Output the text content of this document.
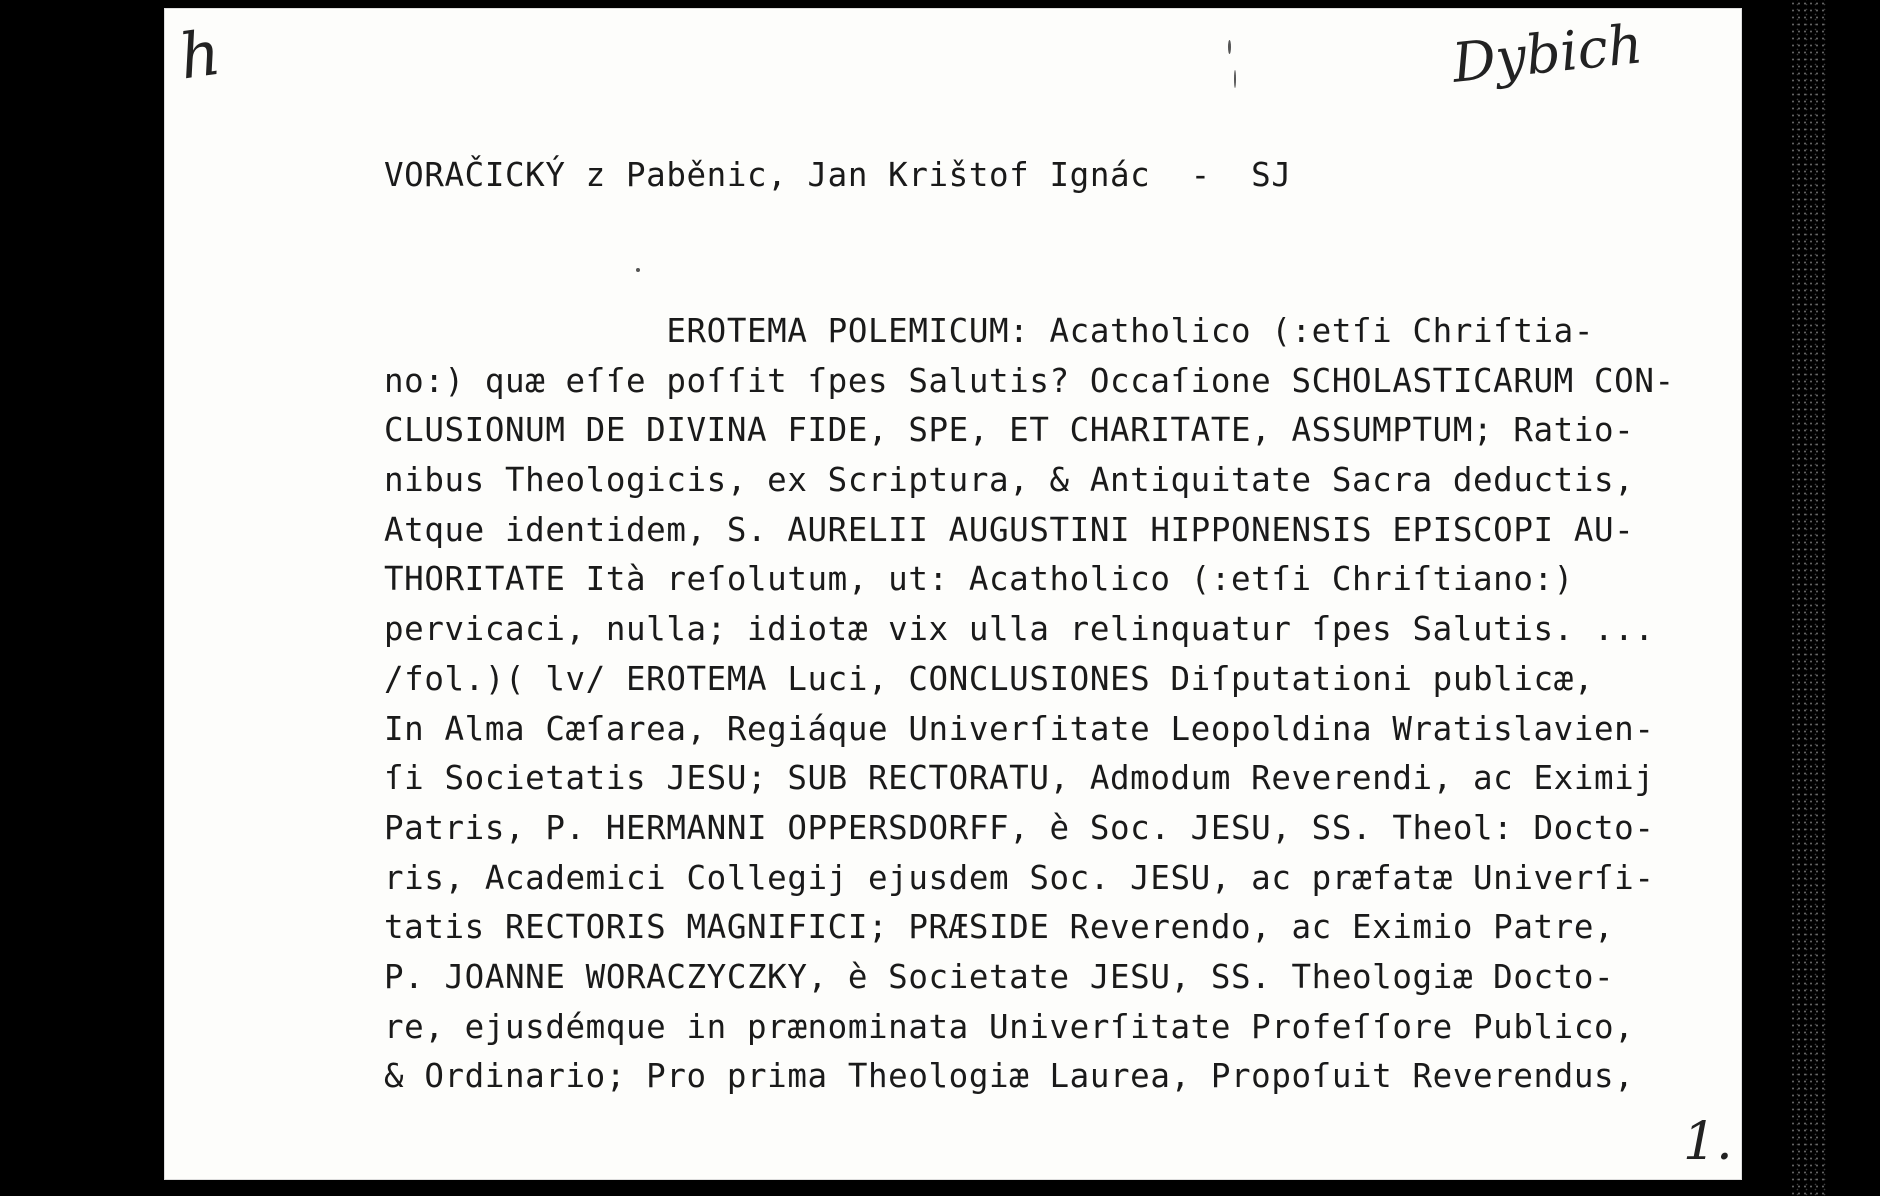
h	Dybich
VORAČICKÝ z Paběnic, Jan Krištof Ignác  -  SJ
EROTEMA POLEMICUM: Acatholico (:etſi Chriſtia-
no:) quæ eſſe poſſit ſpes Salutis? Occaſione SCHOLASTICARUM CON-
CLUSIONUM DE DIVINA FIDE, SPE, ET CHARITATE, ASSUMPTUM; Ratio-
nibus Theologicis, ex Scriptura, & Antiquitate Sacra deductis,
Atque identidem, S. AURELII AUGUSTINI HIPPONENSIS EPISCOPI AU-
THORITATE Ità reſolutum, ut: Acatholico (:etſi Chriſtiano:)
pervicaci, nulla; idiotæ vix ulla relinquatur ſpes Salutis. ...
/fol.)( lv/ EROTEMA Luci, CONCLUSIONES Diſputationi publicæ,
In Alma Cæſarea, Regiáque Univerſitate Leopoldina Wratislavien-
ſi Societatis JESU; SUB RECTORATU, Admodum Reverendi, ac Eximij
Patris, P. HERMANNI OPPERSDORFF, è Soc. JESU, SS. Theol: Docto-
ris, Academici Collegij ejusdem Soc. JESU, ac præfatæ Univerſi-
tatis RECTORIS MAGNIFICI; PRÆSIDE Reverendo, ac Eximio Patre,
P. JOANNE WORACZYCZKY, è Societate JESU, SS. Theologiæ Docto-
re, ejusdémque in prænominata Univerſitate Profeſſore Publico,
& Ordinario; Pro prima Theologiæ Laurea, Propoſuit Reverendus,
1.
